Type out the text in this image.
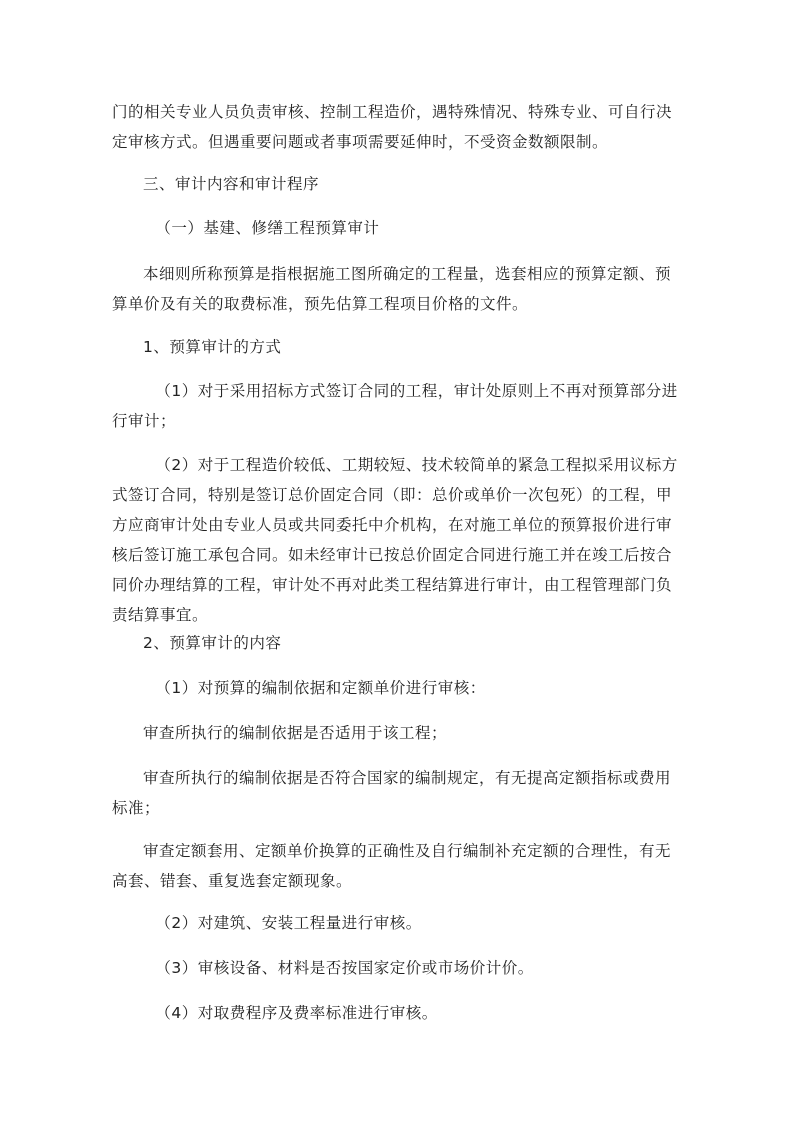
门的相关专业人员负责审核、控制工程造价，遇特殊情况、特殊专业、可自行决定审核方式。但遇重要问题或者事项需要延伸时，不受资金数额限制。

三、审计内容和审计程序

（一）基建、修缮工程预算审计

本细则所称预算是指根据施工图所确定的工程量，选套相应的预算定额、预算单价及有关的取费标准，预先估算工程项目价格的文件。

1、预算审计的方式

（1）对于采用招标方式签订合同的工程，审计处原则上不再对预算部分进行审计；

（2）对于工程造价较低、工期较短、技术较简单的紧急工程拟采用议标方式签订合同，特别是签订总价固定合同（即：总价或单价一次包死）的工程，甲方应商审计处由专业人员或共同委托中介机构，在对施工单位的预算报价进行审核后签订施工承包合同。如未经审计已按总价固定合同进行施工并在竣工后按合同价办理结算的工程，审计处不再对此类工程结算进行审计，由工程管理部门负责结算事宜。

2、预算审计的内容

（1）对预算的编制依据和定额单价进行审核：

审查所执行的编制依据是否适用于该工程；

审查所执行的编制依据是否符合国家的编制规定，有无提高定额指标或费用标准；

审查定额套用、定额单价换算的正确性及自行编制补充定额的合理性，有无高套、错套、重复选套定额现象。

（2）对建筑、安装工程量进行审核。

（3）审核设备、材料是否按国家定价或市场价计价。

（4）对取费程序及费率标准进行审核。
